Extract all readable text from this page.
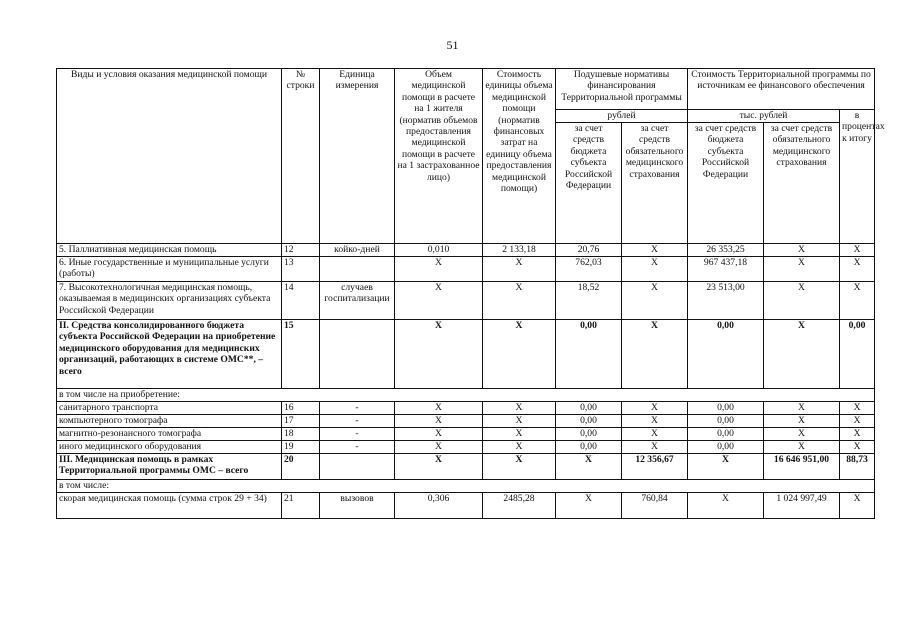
51
Виды и условия оказания медицинской помощи	№ строки	Единица измерения	Объем медицинской помощи в расчете на 1 жителя (норматив объемов предоставления медицинской помощи в расчете на 1 застрахованное лицо)	Стоимость единицы объема медицинской помощи (норматив финансовых затрат на единицу объема предоставления медицинской помощи)	Подушевые нормативы финансирования Территориальной программы		Стоимость Территориальной программы по источникам ее финансового обеспечения		
					рублей		тыс. рублей		в процентах к итогу
					за счет средств бюджета субъекта Российской Федерации	за счет средств обязательного медицинского страхования	за счет средств бюджета субъекта Российской Федерации	за счет средств обязательного медицинского страхования	
5. Паллиативная медицинская помощь	12	койко-дней	0,010	2 133,18	20,76	X	26 353,25	X	X
6. Иные государственные и муниципальные услуги (работы)	13		X	X	762,03	X	967 437,18	X	X
7. Высокотехнологичная медицинская помощь, оказываемая в медицинских организациях субъекта Российской Федерации	14	случаев госпитализации	X	X	18,52	X	23 513,00	X	X
II. Средства консолидированного бюджета субъекта Российской Федерации на приобретение медицинского оборудования для медицинских организаций, работающих в системе ОМС**, – всего	15		X	X	0,00	X	0,00	X	0,00
в том числе на приобретение:									
санитарного транспорта	16	-	X	X	0,00	X	0,00	X	X
компьютерного томографа	17	-	X	X	0,00	X	0,00	X	X
магнитно-резонансного томографа	18	-	X	X	0,00	X	0,00	X	X
иного медицинского оборудования	19	-	X	X	0,00	X	0,00	X	X
III. Медицинская помощь в рамках Территориальной программы ОМС – всего	20		X	X	X	12 356,67	X	16 646 951,00	88,73
в том числе:									
скорая медицинская помощь (сумма строк 29 + 34)	21	вызовов	0,306	2485,28	X	760,84	X	1 024 997,49	X
